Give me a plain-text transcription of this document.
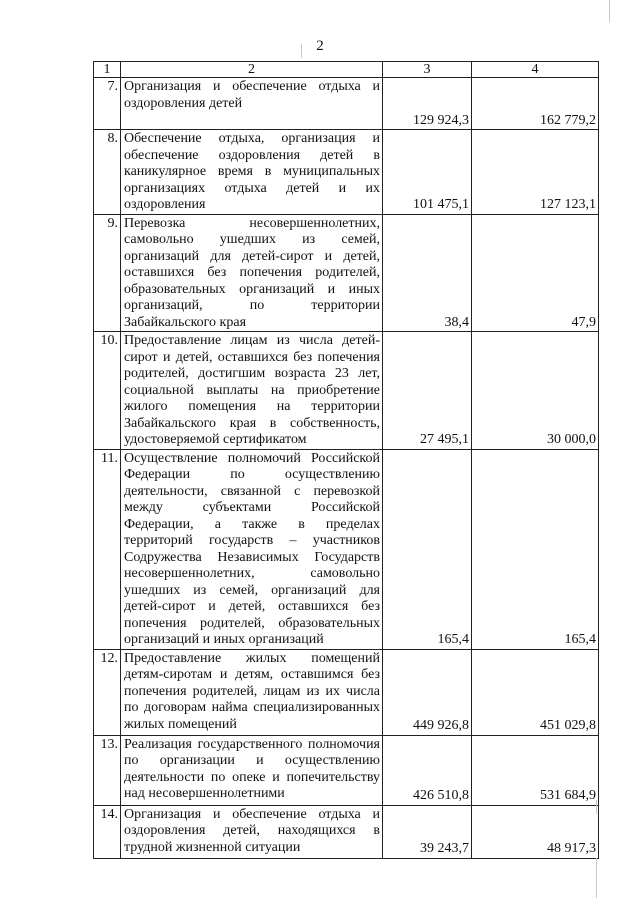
2
1	2	3	4
7.	Организация и обеспечение отдыха и оздоровления детей	129 924,3	162 779,2
8.	Обеспечение отдыха, организация и обеспечение оздоровления детей в каникулярное время в муниципальных организациях отдыха детей и их оздоровления	101 475,1	127 123,1
9.	Перевозка несовершеннолетних, самовольно ушедших из семей, организаций для детей-сирот и детей, оставшихся без попечения родителей, образовательных организаций и иных организаций, по территории Забайкальского края	38,4	47,9
10.	Предоставление лицам из числа детей-сирот и детей, оставшихся без попечения родителей, достигшим возраста 23 лет, социальной выплаты на приобретение жилого помещения на территории Забайкальского края в собственность, удостоверяемой сертификатом	27 495,1	30 000,0
11.	Осуществление полномочий Российской Федерации по осуществлению деятельности, связанной с перевозкой между субъектами Российской Федерации, а также в пределах территорий государств – участников Содружества Независимых Государств несовершеннолетних, самовольно ушедших из семей, организаций для детей-сирот и детей, оставшихся без попечения родителей, образовательных организаций и иных организаций	165,4	165,4
12.	Предоставление жилых помещений детям-сиротам и детям, оставшимся без попечения родителей, лицам из их числа по договорам найма специализированных жилых помещений	449 926,8	451 029,8
13.	Реализация государственного полномочия по организации и осуществлению деятельности по опеке и попечительству над несовершеннолетними	426 510,8	531 684,9
14.	Организация и обеспечение отдыха и оздоровления детей, находящихся в трудной жизненной ситуации	39 243,7	48 917,3
